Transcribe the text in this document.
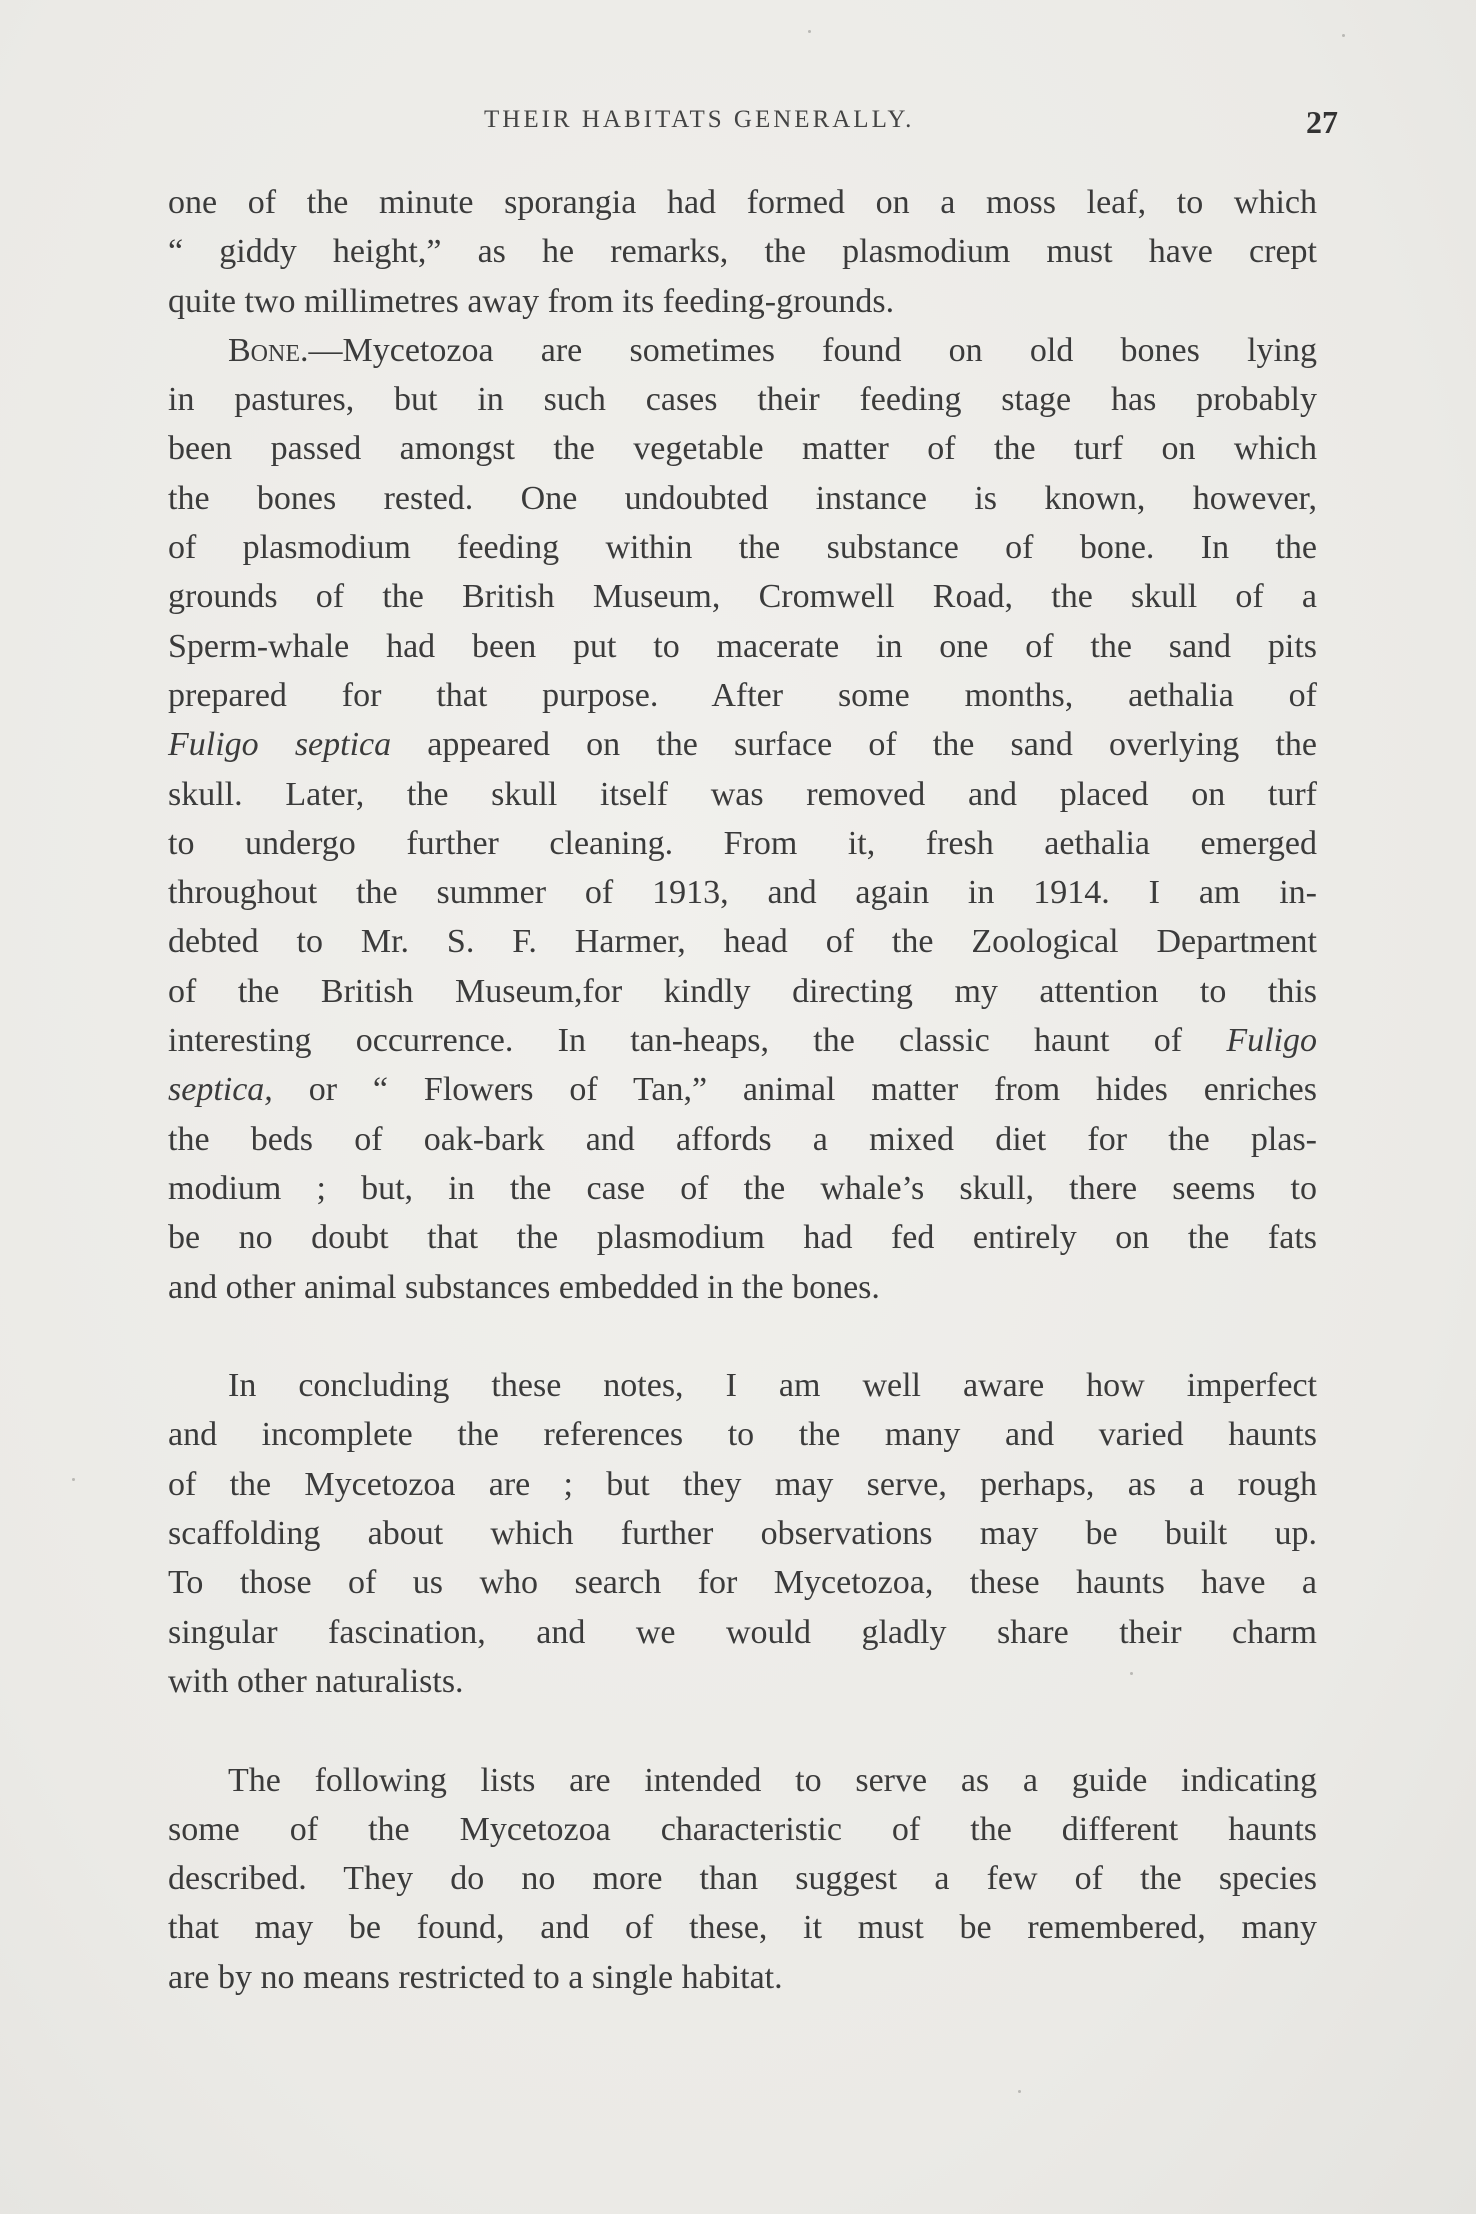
THEIR HABITATS GENERALLY.	27
one of the minute sporangia had formed on a moss leaf, to which
“ giddy height,” as he remarks, the plasmodium must have crept
quite two millimetres away from its feeding-grounds.
Bone.—Mycetozoa are sometimes found on old bones lying
in pastures, but in such cases their feeding stage has probably
been passed amongst the vegetable matter of the turf on which
the bones rested. One undoubted instance is known, however,
of plasmodium feeding within the substance of bone. In the
grounds of the British Museum, Cromwell Road, the skull of a
Sperm-whale had been put to macerate in one of the sand pits
prepared for that purpose. After some months, aethalia of
Fuligo septica appeared on the surface of the sand overlying the
skull. Later, the skull itself was removed and placed on turf
to undergo further cleaning. From it, fresh aethalia emerged
throughout the summer of 1913, and again in 1914. I am in-
debted to Mr. S. F. Harmer, head of the Zoological Department
of the British Museum,for kindly directing my attention to this
interesting occurrence. In tan-heaps, the classic haunt of Fuligo
septica, or “ Flowers of Tan,” animal matter from hides enriches
the beds of oak-bark and affords a mixed diet for the plas-
modium ; but, in the case of the whale’s skull, there seems to
be no doubt that the plasmodium had fed entirely on the fats
and other animal substances embedded in the bones.
In concluding these notes, I am well aware how imperfect
and incomplete the references to the many and varied haunts
of the Mycetozoa are ; but they may serve, perhaps, as a rough
scaffolding about which further observations may be built up.
To those of us who search for Mycetozoa, these haunts have a
singular fascination, and we would gladly share their charm
with other naturalists.
The following lists are intended to serve as a guide indicating
some of the Mycetozoa characteristic of the different haunts
described. They do no more than suggest a few of the species
that may be found, and of these, it must be remembered, many
are by no means restricted to a single habitat.
